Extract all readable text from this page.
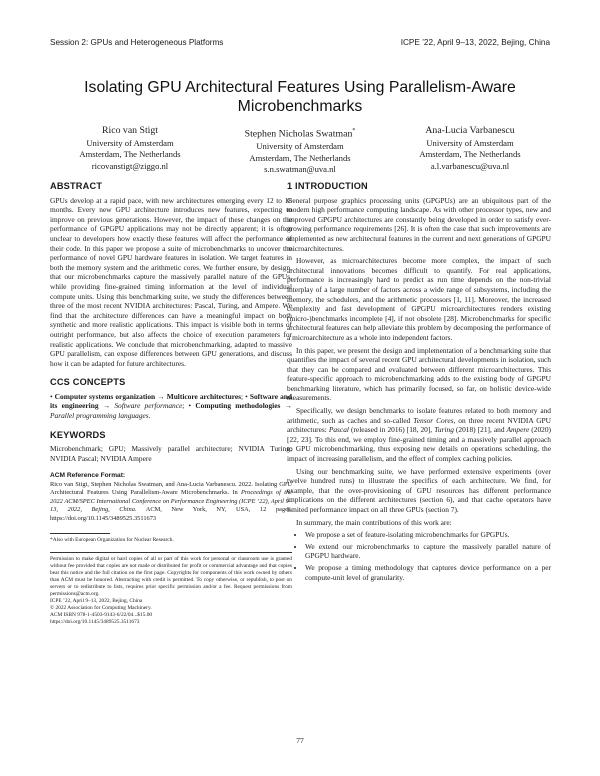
Session 2: GPUs and Heterogeneous Platforms	ICPE ’22, April 9–13, 2022, Bejing, China
Isolating GPU Architectural Features Using Parallelism-Aware Microbenchmarks
Rico van Stigt
University of Amsterdam
Amsterdam, The Netherlands
ricovanstigt@ziggo.nl
Stephen Nicholas Swatman*
University of Amsterdam
Amsterdam, The Netherlands
s.n.swatman@uva.nl
Ana-Lucia Varbanescu
University of Amsterdam
Amsterdam, The Netherlands
a.l.varbanescu@uva.nl
ABSTRACT

GPUs develop at a rapid pace, with new architectures emerging every 12 to 18 months. Every new GPU architecture introduces new features, expecting to improve on previous generations. However, the impact of these changes on the performance of GPGPU applications may not be directly apparent; it is often unclear to developers how exactly these features will affect the performance of their code. In this paper we propose a suite of microbenchmarks to uncover the performance of novel GPU hardware features in isolation. We target features in both the memory system and the arithmetic cores. We further ensure, by design, that our microbenchmarks capture the massively parallel nature of the GPUs, while providing fine-grained timing information at the level of individual compute units. Using this benchmarking suite, we study the differences between three of the most recent NVIDIA architectures: Pascal, Turing, and Ampere. We find that the architecture differences can have a meaningful impact on both synthetic and more realistic applications. This impact is visible both in terms of outright performance, but also affects the choice of execution parameters for realistic applications. We conclude that microbenchmarking, adapted to massive GPU parallelism, can expose differences between GPU generations, and discuss how it can be adapted for future architectures.

CCS CONCEPTS

• Computer systems organization → Multicore architectures; • Software and its engineering → Software performance; • Computing methodologies → Parallel programming languages.

KEYWORDS

Microbenchmark; GPU; Massively parallel architecture; NVIDIA Turing; NVIDIA Pascal; NVIDIA Ampere

ACM Reference Format:
Rico van Stigt, Stephen Nicholas Swatman, and Ana-Lucia Varbanescu. 2022. Isolating GPU Architectural Features Using Parallelism-Aware Microbenchmarks. In Proceedings of the 2022 ACM/SPEC International Conference on Performance Engineering (ICPE ’22), April 9–13, 2022, Bejing, China. ACM, New York, NY, USA, 12 pages. https://doi.org/10.1145/3489525.3511673
*Also with European Organization for Nuclear Research.
Permission to make digital or hard copies of all or part of this work for personal or classroom use is granted without fee provided that copies are not made or distributed for profit or commercial advantage and that copies bear this notice and the full citation on the first page. Copyrights for components of this work owned by others than ACM must be honored. Abstracting with credit is permitted. To copy otherwise, or republish, to post on servers or to redistribute to lists, requires prior specific permission and/or a fee. Request permissions from permissions@acm.org.
ICPE ’22, April 9–13, 2022, Bejing, China
© 2022 Association for Computing Machinery.
ACM ISBN 978-1-4503-9143-6/22/04...$15.00
https://doi.org/10.1145/3489525.3511673
1 INTRODUCTION

General purpose graphics processing units (GPGPUs) are an ubiquitous part of the modern high performance computing landscape. As with other processor types, new and improved GPGPU architectures are constantly being developed in order to satisfy ever-growing performance requirements [26]. It is often the case that such improvements are implemented as new architectural features in the current and next generations of GPGPU microarchitectures.

However, as microarchitectures become more complex, the impact of such architectural innovations becomes difficult to quantify. For real applications, performance is increasingly hard to predict as run time depends on the non-trivial interplay of a large number of factors across a wide range of subsystems, including the memory, the schedulers, and the arithmetic processors [1, 11]. Moreover, the increased complexity and fast development of GPGPU microarchitectures renders existing (micro-)benchmarks incomplete [4], if not obsolete [28]. Microbenchmarks for specific architectural features can help alleviate this problem by decomposing the performance of a microarchitecture as a whole into independent factors.

In this paper, we present the design and implementation of a benchmarking suite that quantifies the impact of several recent GPU architectural developments in isolation, such that they can be compared and evaluated between different microarchitectures. This feature-specific approach to microbenchmarking adds to the existing body of GPGPU benchmarking literature, which has primarily focused, so far, on holistic device-wide measurements.

Specifically, we design benchmarks to isolate features related to both memory and arithmetic, such as caches and so-called Tensor Cores, on three recent NVIDIA GPU architectures: Pascal (released in 2016) [18, 20], Turing (2018) [21], and Ampere (2020) [22, 23]. To this end, we employ fine-grained timing and a massively parallel approach to GPU microbenchmarking, thus exposing new details on operations scheduling, the impact of increasing parallelism, and the effect of complex caching policies.

Using our benchmarking suite, we have performed extensive experiments (over twelve hundred runs) to illustrate the specifics of each architecture. We find, for example, that the over-provisioning of GPU resources has different performance implications on the different architectures (section 6), and that cache operators have limited performance impact on all three GPUs (section 7).

In summary, the main contributions of this work are:

• We propose a set of feature-isolating microbenchmarks for GPGPUs.
• We extend our microbenchmarks to capture the massively parallel nature of GPGPU hardware.
• We propose a timing methodology that captures device performance on a per compute-unit level of granularity.
77
